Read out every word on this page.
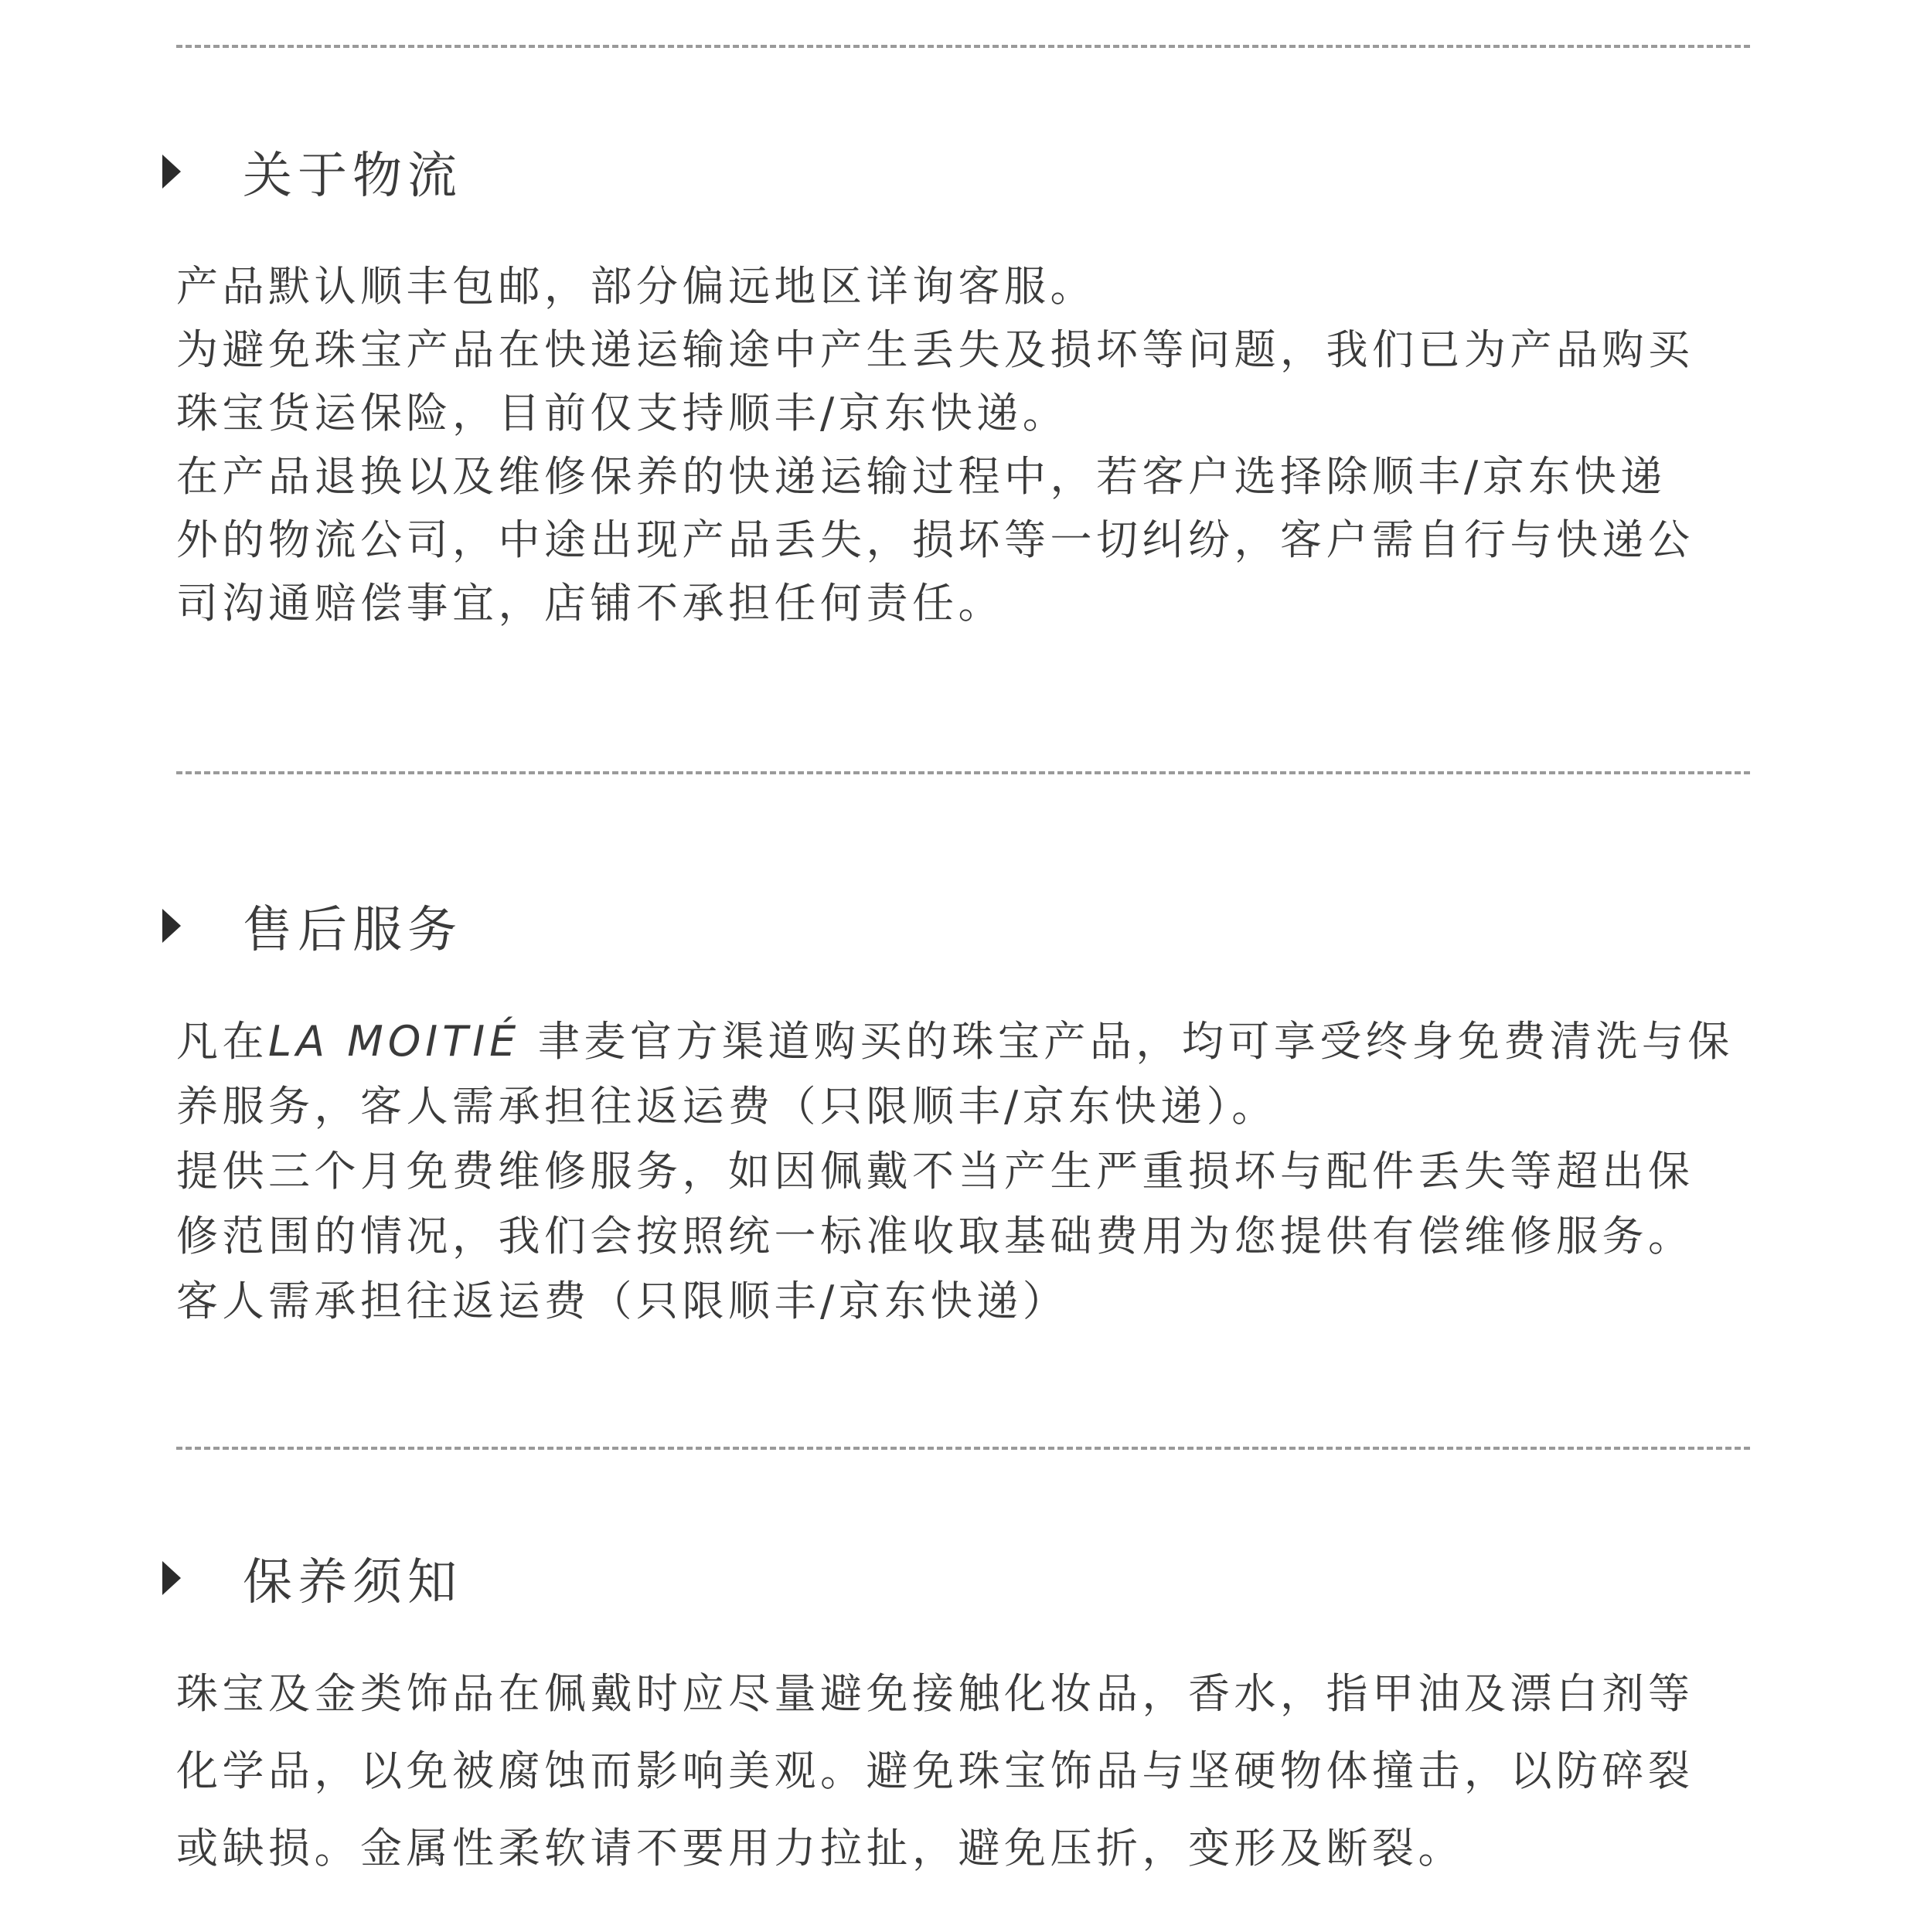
关于物流
产品默认顺丰包邮，部分偏远地区详询客服。
为避免珠宝产品在快递运输途中产生丢失及损坏等问题，我们已为产品购买
珠宝货运保险，目前仅支持顺丰/京东快递。
在产品退换以及维修保养的快递运输过程中，若客户选择除顺丰/京东快递
外的物流公司，中途出现产品丢失，损坏等一切纠纷，客户需自行与快递公
司沟通赔偿事宜，店铺不承担任何责任。
售后服务
凡在LA MOITIÉ 聿麦官方渠道购买的珠宝产品，均可享受终身免费清洗与保
养服务，客人需承担往返运费（只限顺丰/京东快递）。
提供三个月免费维修服务，如因佩戴不当产生严重损坏与配件丢失等超出保
修范围的情况，我们会按照统一标准收取基础费用为您提供有偿维修服务。
客人需承担往返运费（只限顺丰/京东快递）
保养须知
珠宝及金类饰品在佩戴时应尽量避免接触化妆品，香水，指甲油及漂白剂等
化学品，以免被腐蚀而影响美观。避免珠宝饰品与坚硬物体撞击，以防碎裂
或缺损。金属性柔软请不要用力拉扯，避免压折，变形及断裂。
